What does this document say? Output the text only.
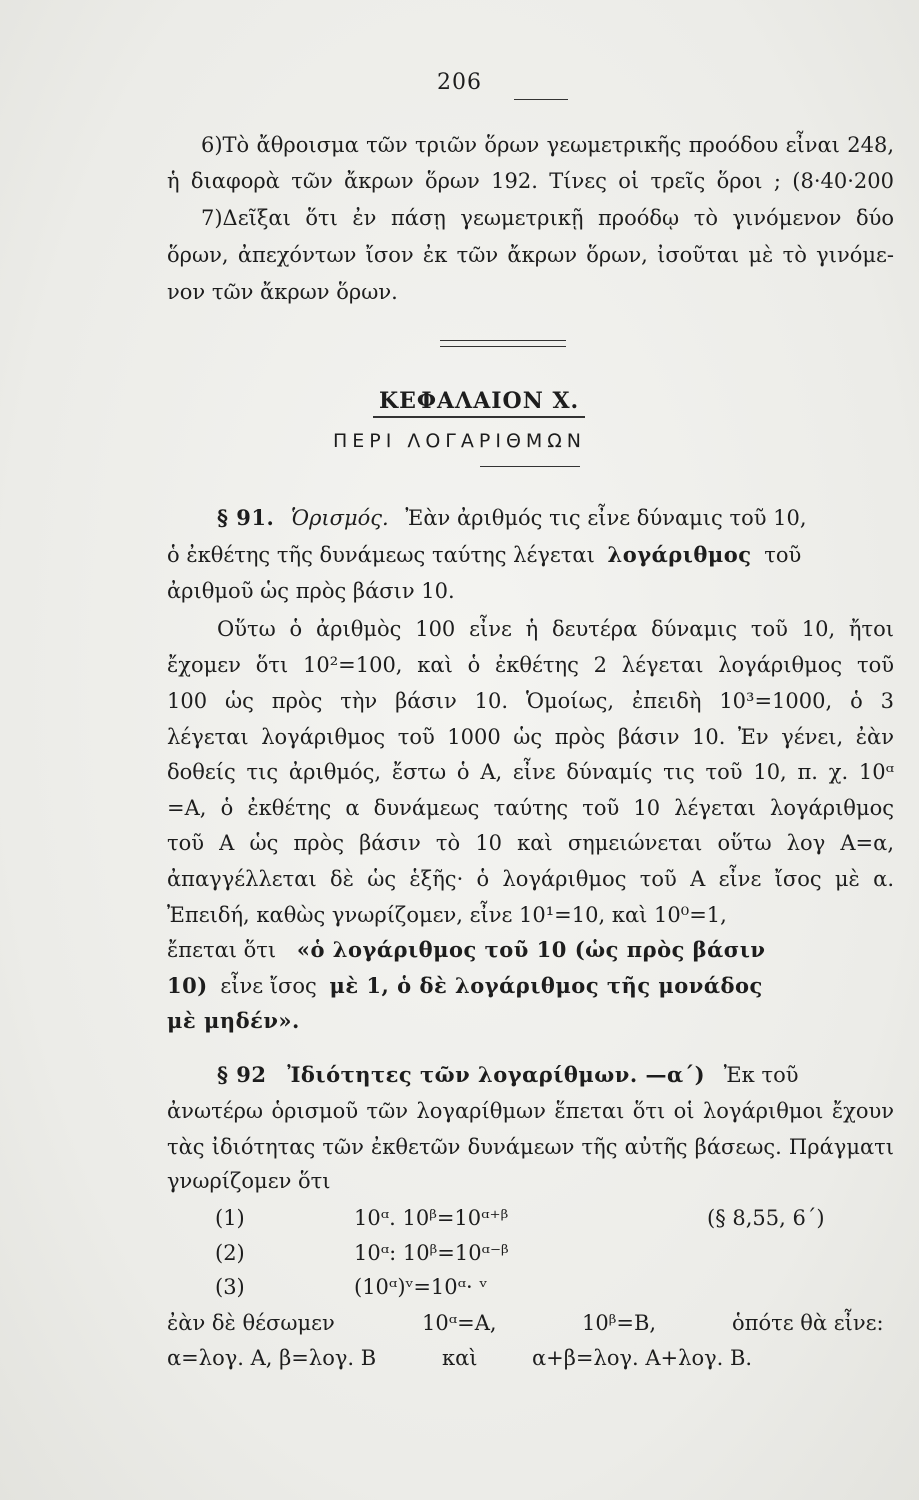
206
6)Τὸ ἄθροισμα τῶν τριῶν ὅρων γεωμετρικῆς προόδου εἶναι 248,
ἡ διαφορὰ τῶν ἄκρων ὅρων 192. Τίνες οἱ τρεῖς ὅροι ; (8·40·200
7)Δεῖξαι ὅτι ἐν πάσῃ γεωμετρικῇ προόδῳ τὸ γινόμενον δύο
ὅρων, ἀπεχόντων ἴσον ἐκ τῶν ἄκρων ὅρων, ἰσοῦται μὲ τὸ γινόμε-
νον τῶν ἄκρων ὅρων.
ΚΕΦΑΛΑΙΟΝ Χ.
ΠΕΡΙ ΛΟΓΑΡΙΘΜΩΝ
§ 91. Ὁρισμός. Ἐὰν ἀριθμός τις εἶνε δύναμις τοῦ 10,
ὁ ἐκθέτης τῆς δυνάμεως ταύτης λέγεται λογάριθμος τοῦ
ἀριθμοῦ ὡς πρὸς βάσιν 10.
Οὕτω ὁ ἀριθμὸς 100 εἶνε ἡ δευτέρα δύναμις τοῦ 10, ἤτοι
ἔχομεν ὅτι 10²=100, καὶ ὁ ἐκθέτης 2 λέγεται λογάριθμος τοῦ
100 ὡς πρὸς τὴν βάσιν 10. Ὁμοίως, ἐπειδὴ 10³=1000, ὁ 3
λέγεται λογάριθμος τοῦ 1000 ὡς πρὸς βάσιν 10. Ἐν γένει, ἐὰν
δοθείς τις ἀριθμός, ἔστω ὁ Α, εἶνε δύναμίς τις τοῦ 10, π. χ. 10ᵅ
=Α, ὁ ἐκθέτης α δυνάμεως ταύτης τοῦ 10 λέγεται λογάριθμος
τοῦ Α ὡς πρὸς βάσιν τὸ 10 καὶ σημειώνεται οὕτω λογ Α=α,
ἀπαγγέλλεται δὲ ὡς ἑξῆς· ὁ λογάριθμος τοῦ Α εἶνε ἴσος μὲ α.
Ἐπειδή, καθὼς γνωρίζομεν, εἶνε 10¹=10, καὶ 10⁰=1,
ἔπεται ὅτι «ὁ λογάριθμος τοῦ 10 (ὡς πρὸς βάσιν
10) εἶνε ἴσος μὲ 1, ὁ δὲ λογάριθμος τῆς μονάδος
μὲ μηδέν».
§ 92 Ἰδιότητες τῶν λογαρίθμων. —α΄) Ἐκ τοῦ
ἀνωτέρω ὁρισμοῦ τῶν λογαρίθμων ἕπεται ὅτι οἱ λογάριθμοι ἔχουν
τὰς ἰδιότητας τῶν ἐκθετῶν δυνάμεων τῆς αὐτῆς βάσεως. Πράγματι
γνωρίζομεν ὅτι
(1)	10ᵅ. 10ᵝ=10ᵅ⁺ᵝ	(§ 8,55, 6΄)
(2)	10ᵅ: 10ᵝ=10ᵅ⁻ᵝ
(3)	(10ᵅ)ᵛ=10ᵅ· ᵛ
ἐὰν δὲ θέσωμεν	10ᵅ=Α,	10ᵝ=Β,	ὁπότε θὰ εἶνε:
α=λογ. Α, β=λογ. Β	καὶ	α+β=λογ. Α+λογ. Β.
